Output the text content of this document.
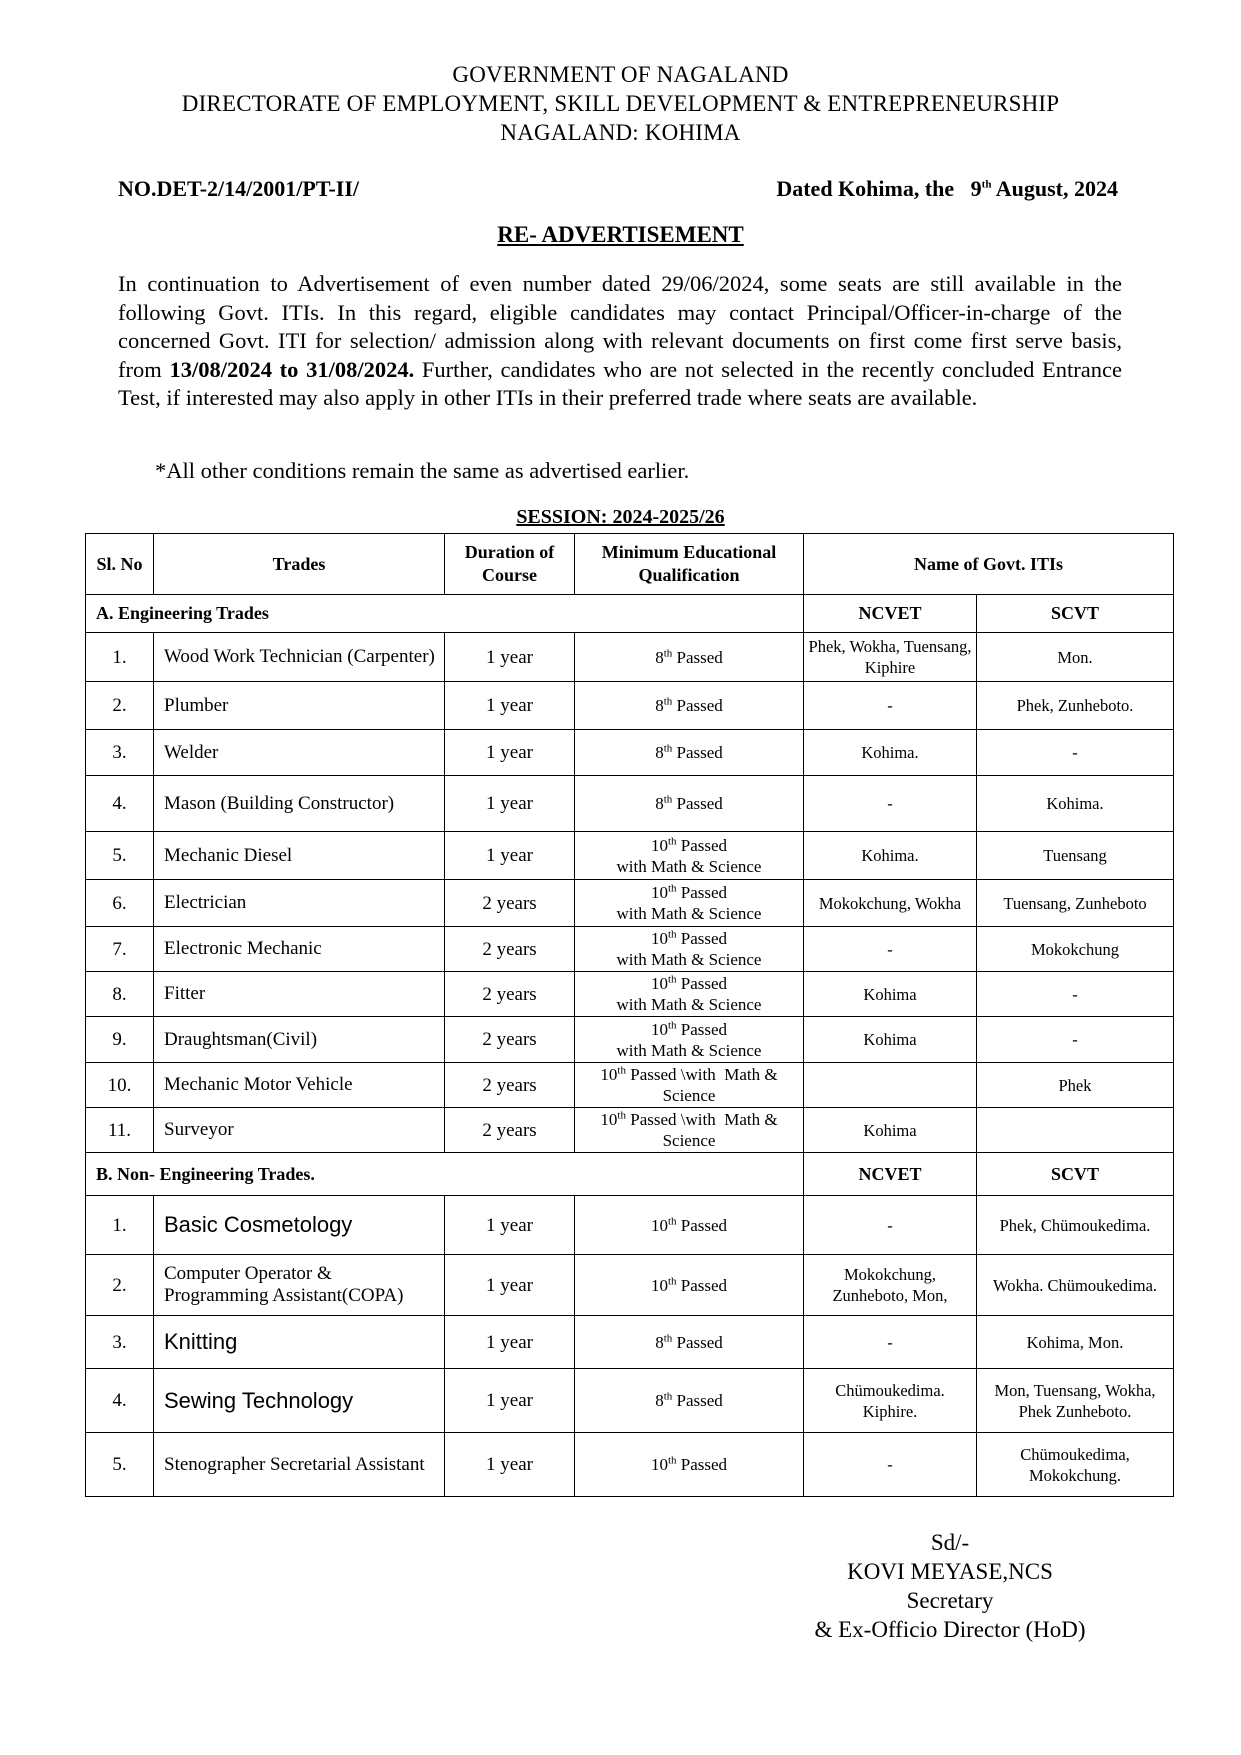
GOVERNMENT OF NAGALAND
DIRECTORATE OF EMPLOYMENT, SKILL DEVELOPMENT & ENTREPRENEURSHIP
NAGALAND: KOHIMA
NO.DET-2/14/2001/PT-II/	Dated Kohima, the   9th August, 2024
RE- ADVERTISEMENT
In continuation to Advertisement of even number dated 29/06/2024, some seats are still available in the following Govt. ITIs. In this regard, eligible candidates may contact Principal/Officer-in-charge of the concerned Govt. ITI for selection/ admission along with relevant documents on first come first serve basis, from 13/08/2024 to 31/08/2024. Further, candidates who are not selected in the recently concluded Entrance Test, if interested may also apply in other ITIs in their preferred trade where seats are available.
*All other conditions remain the same as advertised earlier.
SESSION: 2024-2025/26
Sl. No	Trades	Duration of Course	Minimum Educational Qualification	Name of Govt. ITIs	
A. Engineering Trades				NCVET	SCVT
1.	Wood Work Technician (Carpenter)	1 year	8th Passed	Phek, Wokha, Tuensang, Kiphire	Mon.
2.	Plumber	1 year	8th Passed	-	Phek, Zunheboto.
3.	Welder	1 year	8th Passed	Kohima.	-
4.	Mason (Building Constructor)	1 year	8th Passed	-	Kohima.
5.	Mechanic Diesel	1 year	10th Passed
with Math & Science	Kohima.	Tuensang
6.	Electrician	2 years	10th Passed
with Math & Science	Mokokchung, Wokha	Tuensang, Zunheboto
7.	Electronic Mechanic	2 years	10th Passed
with Math & Science	-	Mokokchung
8.	Fitter	2 years	10th Passed
with Math & Science	Kohima	-
9.	Draughtsman(Civil)	2 years	10th Passed
with Math & Science	Kohima	-
10.	Mechanic Motor Vehicle	2 years	10th Passed \with  Math &
Science		Phek
11.	Surveyor	2 years	10th Passed \with  Math &
Science	Kohima	
B. Non- Engineering Trades.				NCVET	SCVT
1.	Basic Cosmetology	1 year	10th Passed	-	Phek, Chümoukedima.
2.	Computer Operator & Programming Assistant(COPA)	1 year	10th Passed	Mokokchung, Zunheboto, Mon,	Wokha. Chümoukedima.
3.	Knitting	1 year	8th Passed	-	Kohima, Mon.
4.	Sewing Technology	1 year	8th Passed	Chümoukedima. Kiphire.	Mon, Tuensang, Wokha, Phek Zunheboto.
5.	Stenographer Secretarial Assistant	1 year	10th Passed	-	Chümoukedima, Mokokchung.
Sd/-
KOVI MEYASE,NCS
Secretary
& Ex-Officio Director (HoD)
